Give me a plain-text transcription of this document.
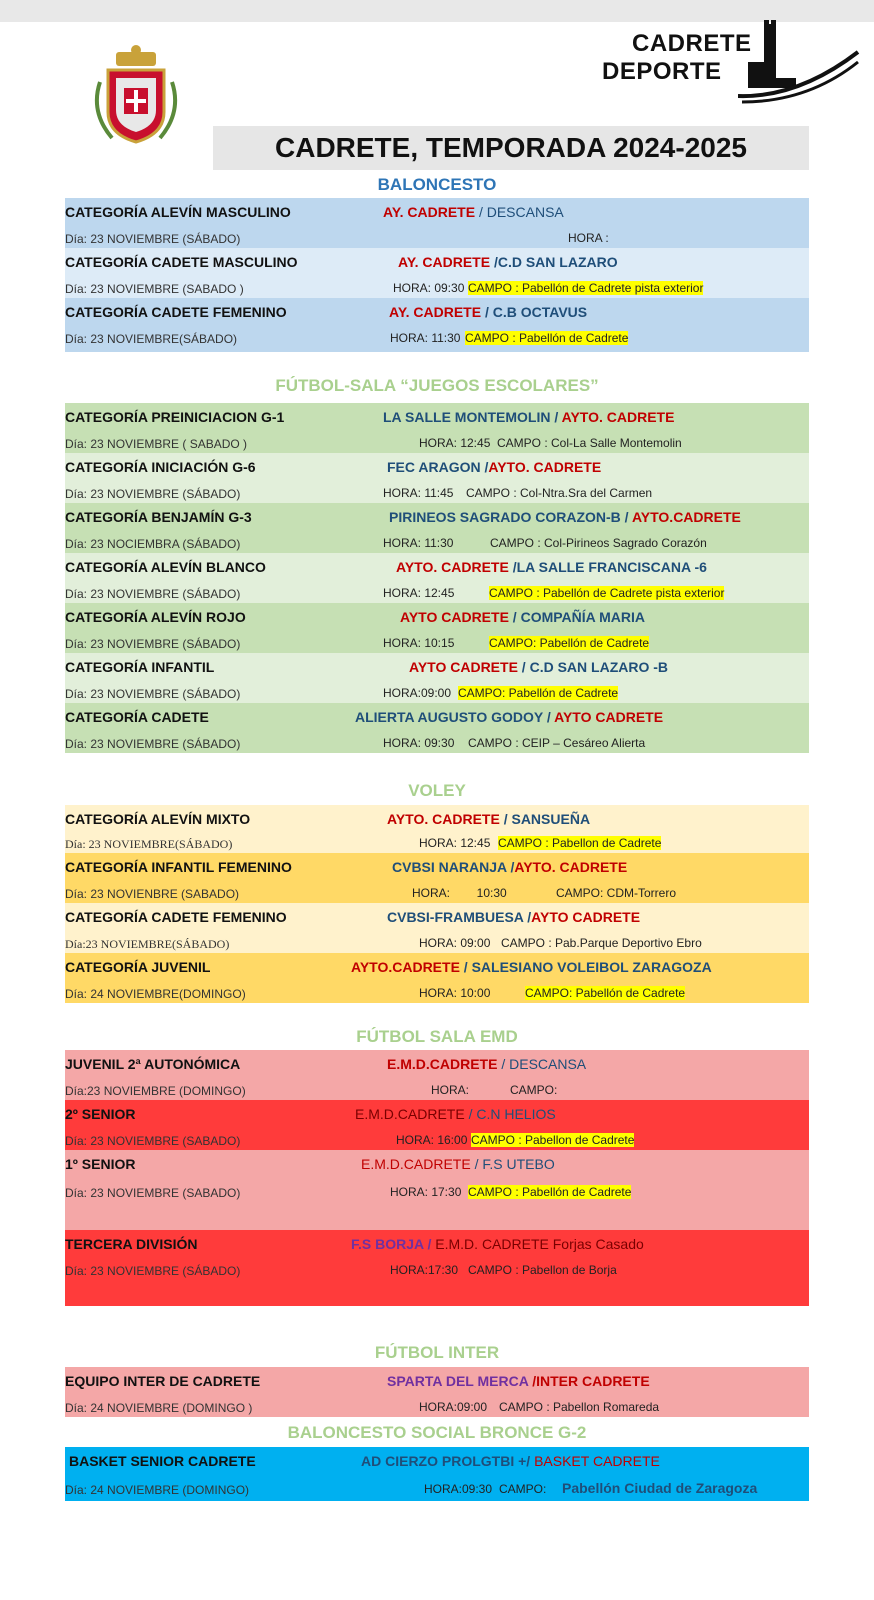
CADRETE
DEPORTE
CADRETE, TEMPORADA 2024-2025
BALONCESTO
CATEGORÍA ALEVÍN MASCULINO	AY. CADRETE / DESCANSA
Día: 23 NOVIEMBRE (SÁBADO)	HORA :
CATEGORÍA CADETE MASCULINO	AY. CADRETE /C.D SAN LAZARO
Día: 23 NOVIEMBRE (SABADO )	HORA: 09:30 CAMPO : Pabellón de Cadrete pista exterior
CATEGORÍA CADETE FEMENINO	AY. CADRETE / C.B OCTAVUS
Día: 23 NOVIEMBRE(SÁBADO)	HORA: 11:30 CAMPO : Pabellón de Cadrete
FÚTBOL-SALA “JUEGOS ESCOLARES”
CATEGORÍA PREINICIACION G-1	LA SALLE MONTEMOLIN / AYTO. CADRETE
Día: 23 NOVIEMBRE ( SABADO )	HORA: 12:45 CAMPO : Col-La Salle Montemolin
CATEGORÍA INICIACIÓN G-6	FEC ARAGON /AYTO. CADRETE
Día: 23 NOVIEMBRE (SÁBADO)	HORA: 11:45 CAMPO : Col-Ntra.Sra del Carmen
CATEGORÍA BENJAMÍN G-3	PIRINEOS SAGRADO CORAZON-B / AYTO.CADRETE
Día: 23 NOCIEMBRA (SÁBADO)	HORA: 11:30	CAMPO : Col-Pirineos Sagrado Corazón
CATEGORÍA ALEVÍN BLANCO	AYTO. CADRETE /LA SALLE FRANCISCANA -6
Día: 23 NOVIEMBRE (SÁBADO)	HORA: 12:45	CAMPO : Pabellón de Cadrete pista exterior
CATEGORÍA ALEVÍN ROJO	AYTO CADRETE / COMPAÑÍA MARIA
Día: 23 NOVIEMBRE (SÁBADO)	HORA: 10:15	CAMPO: Pabellón de Cadrete
CATEGORÍA INFANTIL	AYTO CADRETE / C.D SAN LAZARO -B
Día: 23 NOVIEMBRE (SÁBADO)	HORA:09:00 CAMPO: Pabellón de Cadrete
CATEGORÍA CADETE	ALIERTA AUGUSTO GODOY / AYTO CADRETE
Día: 23 NOVIEMBRE (SÁBADO)	HORA: 09:30 CAMPO : CEIP – Cesáreo Alierta
VOLEY
CATEGORÍA ALEVÍN MIXTO	AYTO. CADRETE / SANSUEÑA
Día: 23 NOVIEMBRE(SÁBADO)	HORA: 12:45 CAMPO : Pabellon de Cadrete
CATEGORÍA INFANTIL FEMENINO	CVBSI NARANJA /AYTO. CADRETE
Día: 23 NOVIENBRE (SABADO)	HORA:        10:30	CAMPO: CDM-Torrero
CATEGORÍA CADETE FEMENINO	CVBSI-FRAMBUESA /AYTO CADRETE
Día:23 NOVIEMBRE(SÁBADO)	HORA: 09:00 CAMPO : Pab.Parque Deportivo Ebro
CATEGORÍA JUVENIL	AYTO.CADRETE / SALESIANO VOLEIBOL ZARAGOZA
Día: 24 NOVIEMBRE(DOMINGO)	HORA: 10:00	CAMPO: Pabellón de Cadrete
FÚTBOL SALA EMD
JUVENIL 2ª AUTONÓMICA	E.M.D.CADRETE / DESCANSA
Día:23 NOVIEMBRE (DOMINGO)	HORA:	CAMPO:
2º SENIOR	E.M.D.CADRETE / C.N HELIOS
Día: 23 NOVIEMBRE (SABADO)	HORA: 16:00 CAMPO : Pabellon de Cadrete
1º SENIOR	E.M.D.CADRETE / F.S UTEBO
Día: 23 NOVIEMBRE (SABADO)	HORA: 17:30 CAMPO : Pabellón de Cadrete
TERCERA DIVISIÓN	F.S BORJA / E.M.D. CADRETE Forjas Casado
Día: 23 NOVIEMBRE (SÁBADO)	HORA:17:30 CAMPO : Pabellon de Borja
FÚTBOL INTER
EQUIPO INTER DE CADRETE	SPARTA DEL MERCA /INTER CADRETE
Día: 24 NOVIEMBRE (DOMINGO )	HORA:09:00 CAMPO : Pabellon Romareda
BALONCESTO SOCIAL BRONCE G-2
BASKET SENIOR CADRETE	AD CIERZO PROLGTBI +/ BASKET CADRETE
Día: 24 NOVIEMBRE (DOMINGO)	HORA:09:30 CAMPO: Pabellón Ciudad de Zaragoza
